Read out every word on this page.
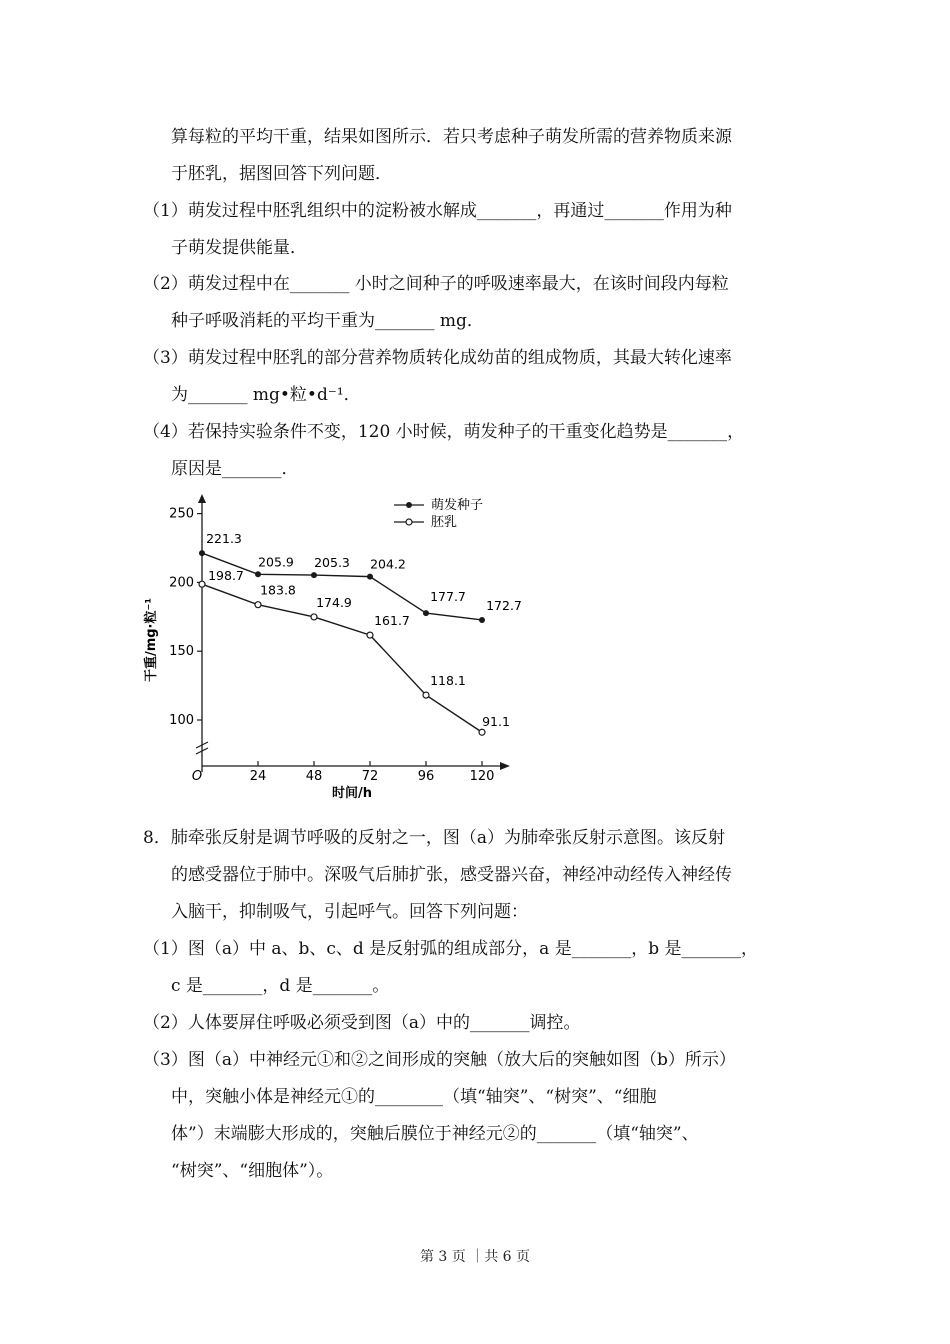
算每粒的平均干重，结果如图所示．若只考虑种子萌发所需的营养物质来源
于胚乳，据图回答下列问题．
（1）萌发过程中胚乳组织中的淀粉被水解成_______，再通过_______作用为种
子萌发提供能量．
（2）萌发过程中在_______ 小时之间种子的呼吸速率最大，在该时间段内每粒
种子呼吸消耗的平均干重为_______ mg．
（3）萌发过程中胚乳的部分营养物质转化成幼苗的组成物质，其最大转化速率
为_______ mg•粒•d⁻¹．
（4）若保持实验条件不变，120 小时候，萌发种子的干重变化趋势是_______，
原因是_______．
100
150
200
250
O	24	48	72	96	120
221.3
205.9 205.3 204.2
177.7
172.7
198.7
183.8
174.9
161.7
118.1
91.1
干重/mg·粒⁻¹
时间/h
萌发种子
胚乳
8．肺牵张反射是调节呼吸的反射之一，图（a）为肺牵张反射示意图。该反射
的感受器位于肺中。深吸气后肺扩张，感受器兴奋，神经冲动经传入神经传
入脑干，抑制吸气，引起呼气。回答下列问题：
（1）图（a）中 a、b、c、d 是反射弧的组成部分，a 是_______，b 是_______，
c 是_______，d 是_______。
（2）人体要屏住呼吸必须受到图（a）中的_______调控。
（3）图（a）中神经元①和②之间形成的突触（放大后的突触如图（b）所示）
中，突触小体是神经元①的________（填“轴突”、“树突”、“细胞
体”）末端膨大形成的，突触后膜位于神经元②的_______（填“轴突”、
“树突”、“细胞体”）。
第 3 页 ｜共 6 页
